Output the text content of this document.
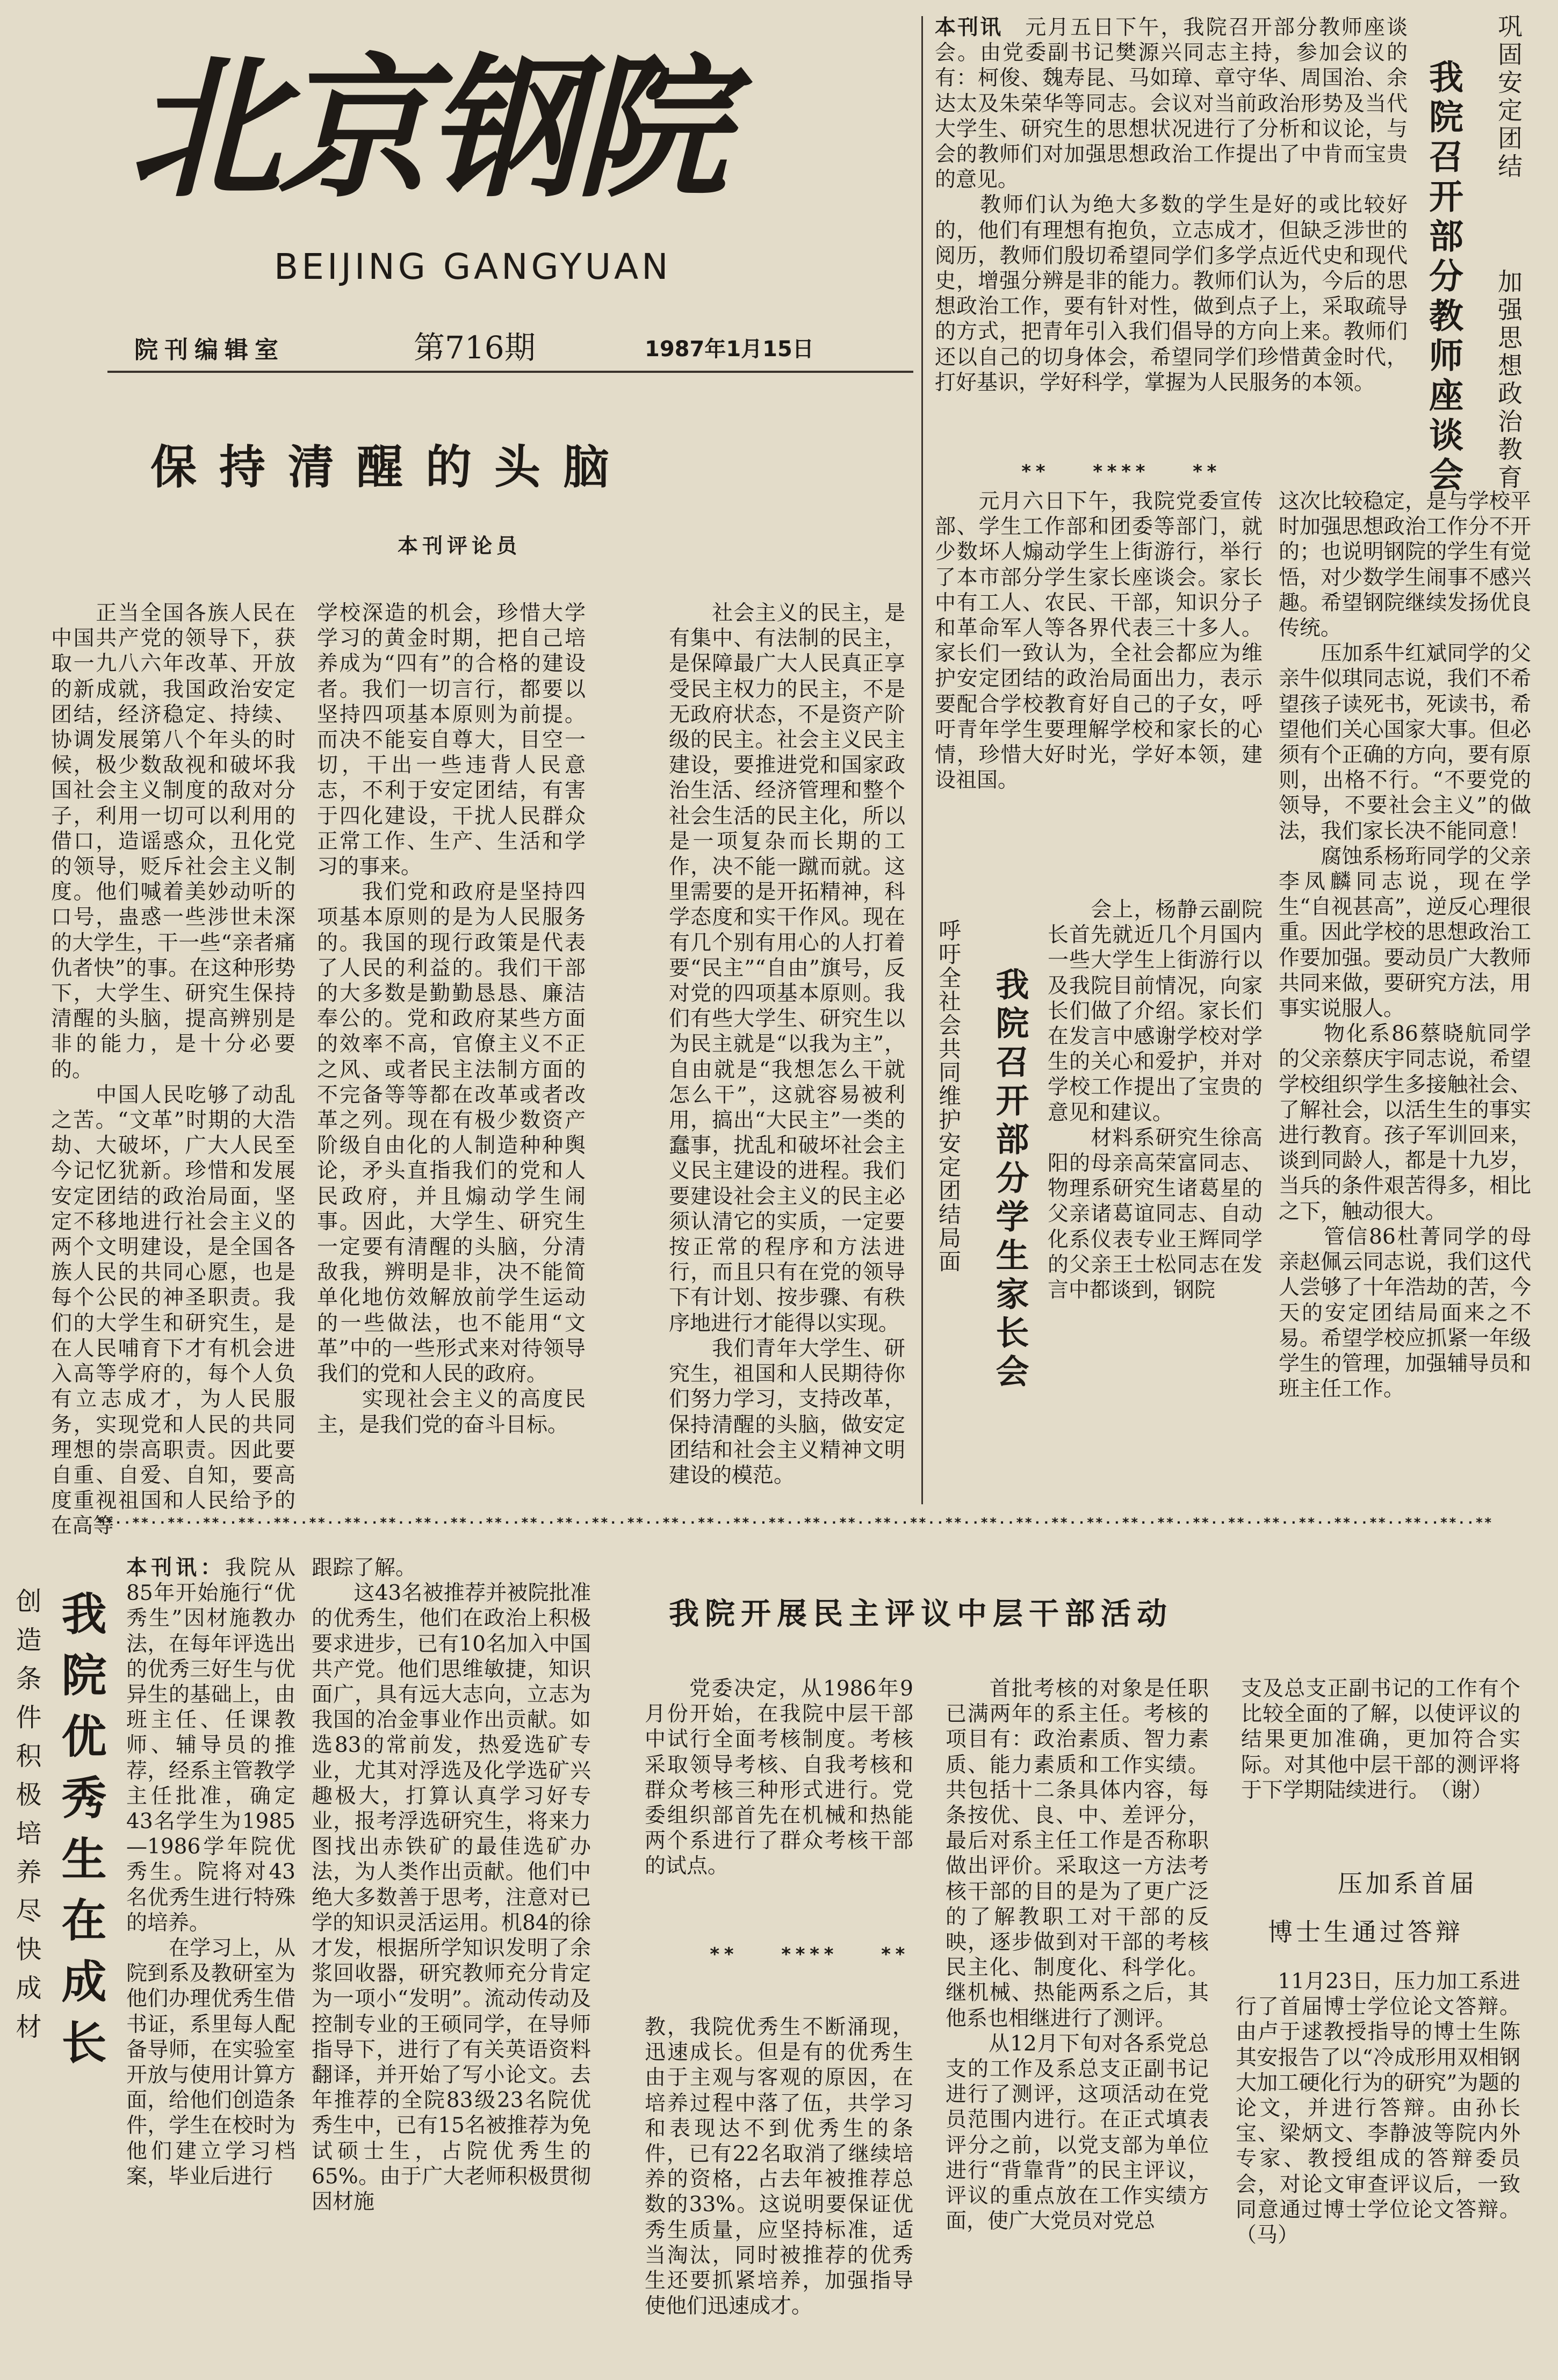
北京钢院
BEIJING GANGYUAN
院刊编辑室	第716期	1987年1月15日
保持清醒的头脑
本刊评论员
　　正当全国各族人民在中国共产党的领导下，获取一九八六年改革、开放的新成就，我国政治安定团结，经济稳定、持续、协调发展第八个年头的时候，极少数敌视和破坏我国社会主义制度的敌对分子，利用一切可以利用的借口，造谣惑众，丑化党的领导，贬斥社会主义制度。他们喊着美妙动听的口号，蛊惑一些涉世未深的大学生，干一些“亲者痛仇者快”的事。在这种形势下，大学生、研究生保持清醒的头脑，提高辨别是非的能力，是十分必要的。
　　中国人民吃够了动乱之苦。“文革”时期的大浩劫、大破坏，广大人民至今记忆犹新。珍惜和发展安定团结的政治局面，坚定不移地进行社会主义的两个文明建设，是全国各族人民的共同心愿，也是每个公民的神圣职责。我们的大学生和研究生，是在人民哺育下才有机会进入高等学府的，每个人负有立志成才，为人民服务，实现党和人民的共同理想的崇高职责。因此要自重、自爱、自知，要高度重视祖国和人民给予的在高等
学校深造的机会，珍惜大学学习的黄金时期，把自己培养成为“四有”的合格的建设者。我们一切言行，都要以坚持四项基本原则为前提。而决不能妄自尊大，目空一切，干出一些违背人民意志，不利于安定团结，有害于四化建设，干扰人民群众正常工作、生产、生活和学习的事来。
　　我们党和政府是坚持四项基本原则的是为人民服务的。我国的现行政策是代表了人民的利益的。我们干部的大多数是勤勤恳恳、廉洁奉公的。党和政府某些方面的效率不高，官僚主义不正之风、或者民主法制方面的不完备等等都在改革或者改革之列。现在有极少数资产阶级自由化的人制造种种舆论，矛头直指我们的党和人民政府，并且煽动学生闹事。因此，大学生、研究生一定要有清醒的头脑，分清敌我，辨明是非，决不能简单化地仿效解放前学生运动的一些做法，也不能用“文革”中的一些形式来对待领导我们的党和人民的政府。
　　实现社会主义的高度民主，是我们党的奋斗目标。
　　社会主义的民主，是有集中、有法制的民主，是保障最广大人民真正享受民主权力的民主，不是无政府状态，不是资产阶级的民主。社会主义民主建设，要推进党和国家政治生活、经济管理和整个社会生活的民主化，所以是一项复杂而长期的工作，决不能一蹴而就。这里需要的是开拓精神，科学态度和实干作风。现在有几个别有用心的人打着要“民主”“自由”旗号，反对党的四项基本原则。我们有些大学生、研究生以为民主就是“以我为主”，自由就是“我想怎么干就怎么干”，这就容易被利用，搞出“大民主”一类的蠢事，扰乱和破坏社会主义民主建设的进程。我们要建设社会主义的民主必须认清它的实质，一定要按正常的程序和方法进行，而且只有在党的领导下有计划、按步骤、有秩序地进行才能得以实现。
　　我们青年大学生、研究生，祖国和人民期待你们努力学习，支持改革，保持清醒的头脑，做安定团结和社会主义精神文明建设的模范。
我院召开部分教师座谈会 巩固安定团结
加强思想政治教育
本刊讯　元月五日下午，我院召开部分教师座谈会。由党委副书记樊源兴同志主持，参加会议的有：柯俊、魏寿昆、马如璋、章守华、周国治、余达太及朱荣华等同志。会议对当前政治形势及当代大学生、研究生的思想状况进行了分析和议论，与会的教师们对加强思想政治工作提出了中肯而宝贵的意见。
　　教师们认为绝大多数的学生是好的或比较好的，他们有理想有抱负，立志成才，但缺乏涉世的阅历，教师们殷切希望同学们多学点近代史和现代史，增强分辨是非的能力。教师们认为，今后的思想政治工作，要有针对性，做到点子上，采取疏导的方式，把青年引入我们倡导的方向上来。教师们还以自己的切身体会，希望同学们珍惜黄金时代，打好基识，学好科学，掌握为人民服务的本领。
**　　****　　**
我院召开部分学生家长会
呼吁全社会共同维护安定团结局面
　　元月六日下午，我院党委宣传部、学生工作部和团委等部门，就少数坏人煽动学生上街游行，举行了本市部分学生家长座谈会。家长中有工人、农民、干部，知识分子和革命军人等各界代表三十多人。家长们一致认为，全社会都应为维护安定团结的政治局面出力，表示要配合学校教育好自己的子女，呼吁青年学生要理解学校和家长的心情，珍惜大好时光，学好本领，建设祖国。
　　会上，杨静云副院长首先就近几个月国内一些大学生上街游行以及我院目前情况，向家长们做了介绍。家长们在发言中感谢学校对学生的关心和爱护，并对学校工作提出了宝贵的意见和建议。
　　材料系研究生徐高阳的母亲高荣富同志、物理系研究生诸葛星的父亲诸葛谊同志、自动化系仪表专业王辉同学的父亲王士松同志在发言中都谈到，钢院
这次比较稳定，是与学校平时加强思想政治工作分不开的；也说明钢院的学生有觉悟，对少数学生闹事不感兴趣。希望钢院继续发扬优良传统。
　　压加系牛红斌同学的父亲牛似琪同志说，我们不希望孩子读死书，死读书，希望他们关心国家大事。但必须有个正确的方向，要有原则，出格不行。“不要党的领导，不要社会主义”的做法，我们家长决不能同意！
　　腐蚀系杨珩同学的父亲李凤麟同志说，现在学生“自视甚高”，逆反心理很重。因此学校的思想政治工作要加强。要动员广大教师共同来做，要研究方法，用事实说服人。
　　物化系86蔡晓航同学的父亲蔡庆宇同志说，希望学校组织学生多接触社会、了解社会，以活生生的事实进行教育。孩子军训回来，谈到同龄人，都是十九岁，当兵的条件艰苦得多，相比之下，触动很大。
　　管信86杜菁同学的母亲赵佩云同志说，我们这代人尝够了十年浩劫的苦，今天的安定团结局面来之不易。希望学校应抓紧一年级学生的管理，加强辅导员和班主任工作。
**··**··**··**··**··**··**··**··**··**··**··**··**··**··**··**··**··**··**··**··**··**··**··**··**··**··**··**··**··**··**··**··**··**··**··**··**··**··**··**
我院优秀生在成长
创造条件积极培养尽快成材
本刊讯：我院从85年开始施行“优秀生”因材施教办法，在每年评选出的优秀三好生与优异生的基础上，由班主任、任课教师、辅导员的推荐，经系主管教学主任批准，确定43名学生为1985—1986学年院优秀生。院将对43名优秀生进行特殊的培养。
　　在学习上，从院到系及教研室为他们办理优秀生借书证，系里每人配备导师，在实验室开放与使用计算方面，给他们创造条件，学生在校时为他们建立学习档案，毕业后进行
跟踪了解。
　　这43名被推荐并被院批准的优秀生，他们在政治上积极要求进步，已有10名加入中国共产党。他们思维敏捷，知识面广，具有远大志向，立志为我国的冶金事业作出贡献。如选83的常前发，热爱选矿专业，尤其对浮选及化学选矿兴趣极大，打算认真学习好专业，报考浮选研究生，将来力图找出赤铁矿的最佳选矿办法，为人类作出贡献。他们中绝大多数善于思考，注意对已学的知识灵活运用。机84的徐才发，根据所学知识发明了余浆回收器，研究教师充分肯定为一项小“发明”。流动传动及控制专业的王硕同学，在导师指导下，进行了有关英语资料翻译，并开始了写小论文。去年推荐的全院83级23名院优秀生中，已有15名被推荐为免试硕士生，占院优秀生的65%。由于广大老师积极贯彻因材施
教，我院优秀生不断涌现，迅速成长。但是有的优秀生由于主观与客观的原因，在培养过程中落了伍，共学习和表现达不到优秀生的条件，已有22名取消了继续培养的资格，占去年被推荐总数的33%。这说明要保证优秀生质量，应坚持标准，适当淘汰，同时被推荐的优秀生还要抓紧培养，加强指导使他们迅速成才。
我院开展民主评议中层干部活动
　　党委决定，从1986年9月份开始，在我院中层干部中试行全面考核制度。考核采取领导考核、自我考核和群众考核三种形式进行。党委组织部首先在机械和热能两个系进行了群众考核干部的试点。
**　　****　　**
　　首批考核的对象是任职已满两年的系主任。考核的项目有：政治素质、智力素质、能力素质和工作实绩。共包括十二条具体内容，每条按优、良、中、差评分，最后对系主任工作是否称职做出评价。采取这一方法考核干部的目的是为了更广泛的了解教职工对干部的反映，逐步做到对干部的考核民主化、制度化、科学化。继机械、热能两系之后，其他系也相继进行了测评。
　　从12月下旬对各系党总支的工作及系总支正副书记进行了测评，这项活动在党员范围内进行。在正式填表评分之前，以党支部为单位进行“背靠背”的民主评议，评议的重点放在工作实绩方面，使广大党员对党总
支及总支正副书记的工作有个比较全面的了解，以使评议的结果更加准确，更加符合实际。对其他中层干部的测评将于下学期陆续进行。　（谢）
压加系首届
博士生通过答辩
　　11月23日，压力加工系进行了首届博士学位论文答辩。由卢于逑教授指导的博士生陈其安报告了以“冷成形用双相钢大加工硬化行为的研究”为题的论文，并进行答辩。由孙长宝、梁炳文、李静波等院内外专家、教授组成的答辩委员会，对论文审查评议后，一致同意通过博士学位论文答辩。（马）
